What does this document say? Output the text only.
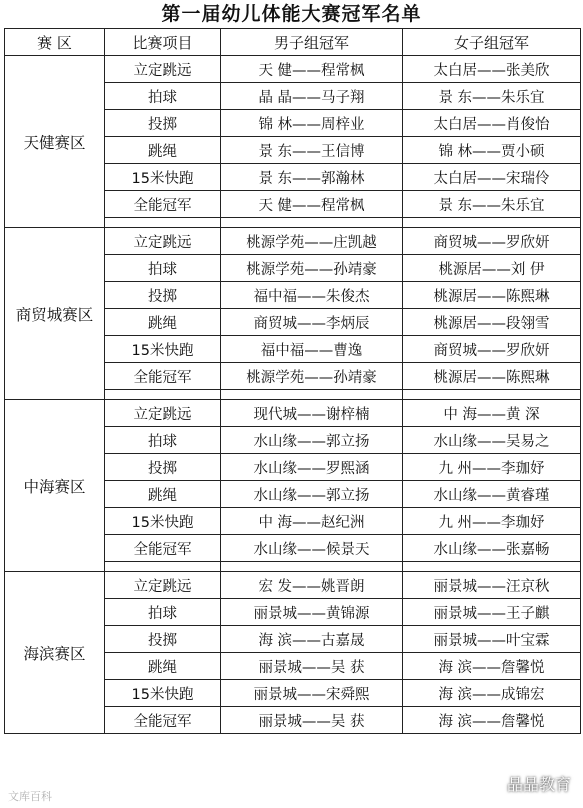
第一届幼儿体能大赛冠军名单
赛 区	比赛项目	男子组冠军	女子组冠军
天健赛区	立定跳远	天 健——程常枫	太白居——张美欣
	拍球	晶 晶——马子翔	景 东——朱乐宜
	投掷	锦 林——周梓业	太白居——肖俊怡
	跳绳	景 东——王信博	锦 林——贾小硕
	15米快跑	景 东——郭瀚林	太白居——宋瑞伶
	全能冠军	天 健——程常枫	景 东——朱乐宜

商贸城赛区	立定跳远	桃源学苑——庄凯越	商贸城——罗欣妍
	拍球	桃源学苑——孙靖豪	桃源居——刘 伊
	投掷	福中福——朱俊杰	桃源居——陈熙琳
	跳绳	商贸城——李炳辰	桃源居——段翎雪
	15米快跑	福中福——曹逸	商贸城——罗欣妍
	全能冠军	桃源学苑——孙靖豪	桃源居——陈熙琳

中海赛区	立定跳远	现代城——谢梓楠	中 海——黄 深
	拍球	水山缘——郭立扬	水山缘——吴易之
	投掷	水山缘——罗熙涵	九 州——李珈妤
	跳绳	水山缘——郭立扬	水山缘——黄睿瑾
	15米快跑	中 海——赵纪洲	九 州——李珈妤
	全能冠军	水山缘——候景天	水山缘——张嘉畅

海滨赛区	立定跳远	宏 发——姚晋朗	丽景城——汪京秋
	拍球	丽景城——黄锦源	丽景城——王子麒
	投掷	海 滨——古嘉晟	丽景城——叶宝霖
	跳绳	丽景城——吴 获	海 滨——詹馨悦
	15米快跑	丽景城——宋舜熙	海 滨——成锦宏
	全能冠军	丽景城——吴 获	海 滨——詹馨悦
文库百科
晶晶教育
